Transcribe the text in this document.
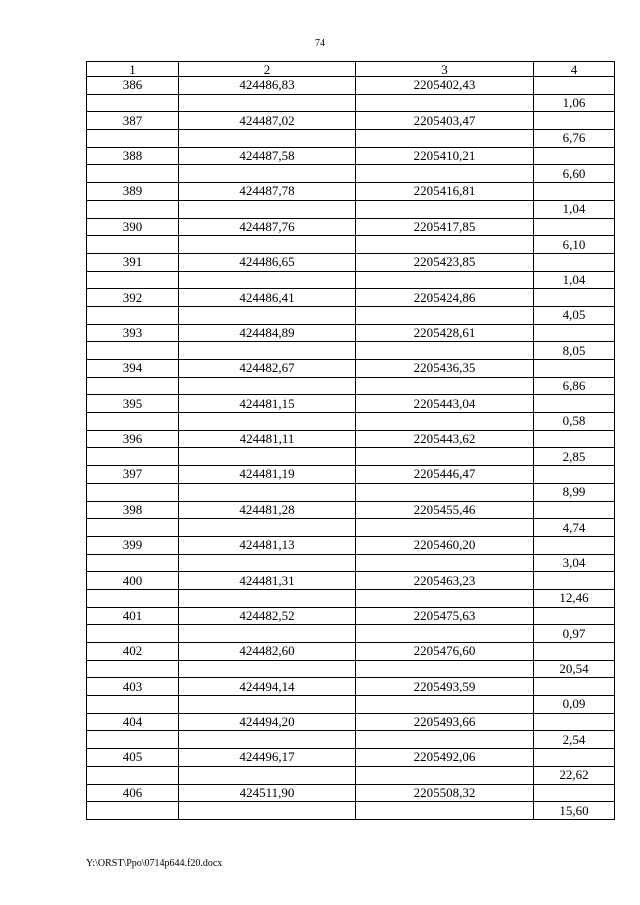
74
1	2	3	4
386	424486,83	2205402,43	
			1,06
387	424487,02	2205403,47	
			6,76
388	424487,58	2205410,21	
			6,60
389	424487,78	2205416,81	
			1,04
390	424487,76	2205417,85	
			6,10
391	424486,65	2205423,85	
			1,04
392	424486,41	2205424,86	
			4,05
393	424484,89	2205428,61	
			8,05
394	424482,67	2205436,35	
			6,86
395	424481,15	2205443,04	
			0,58
396	424481,11	2205443,62	
			2,85
397	424481,19	2205446,47	
			8,99
398	424481,28	2205455,46	
			4,74
399	424481,13	2205460,20	
			3,04
400	424481,31	2205463,23	
			12,46
401	424482,52	2205475,63	
			0,97
402	424482,60	2205476,60	
			20,54
403	424494,14	2205493,59	
			0,09
404	424494,20	2205493,66	
			2,54
405	424496,17	2205492,06	
			22,62
406	424511,90	2205508,32	
			15,60
Y:\ORST\Ppo\0714p644.f20.docx
